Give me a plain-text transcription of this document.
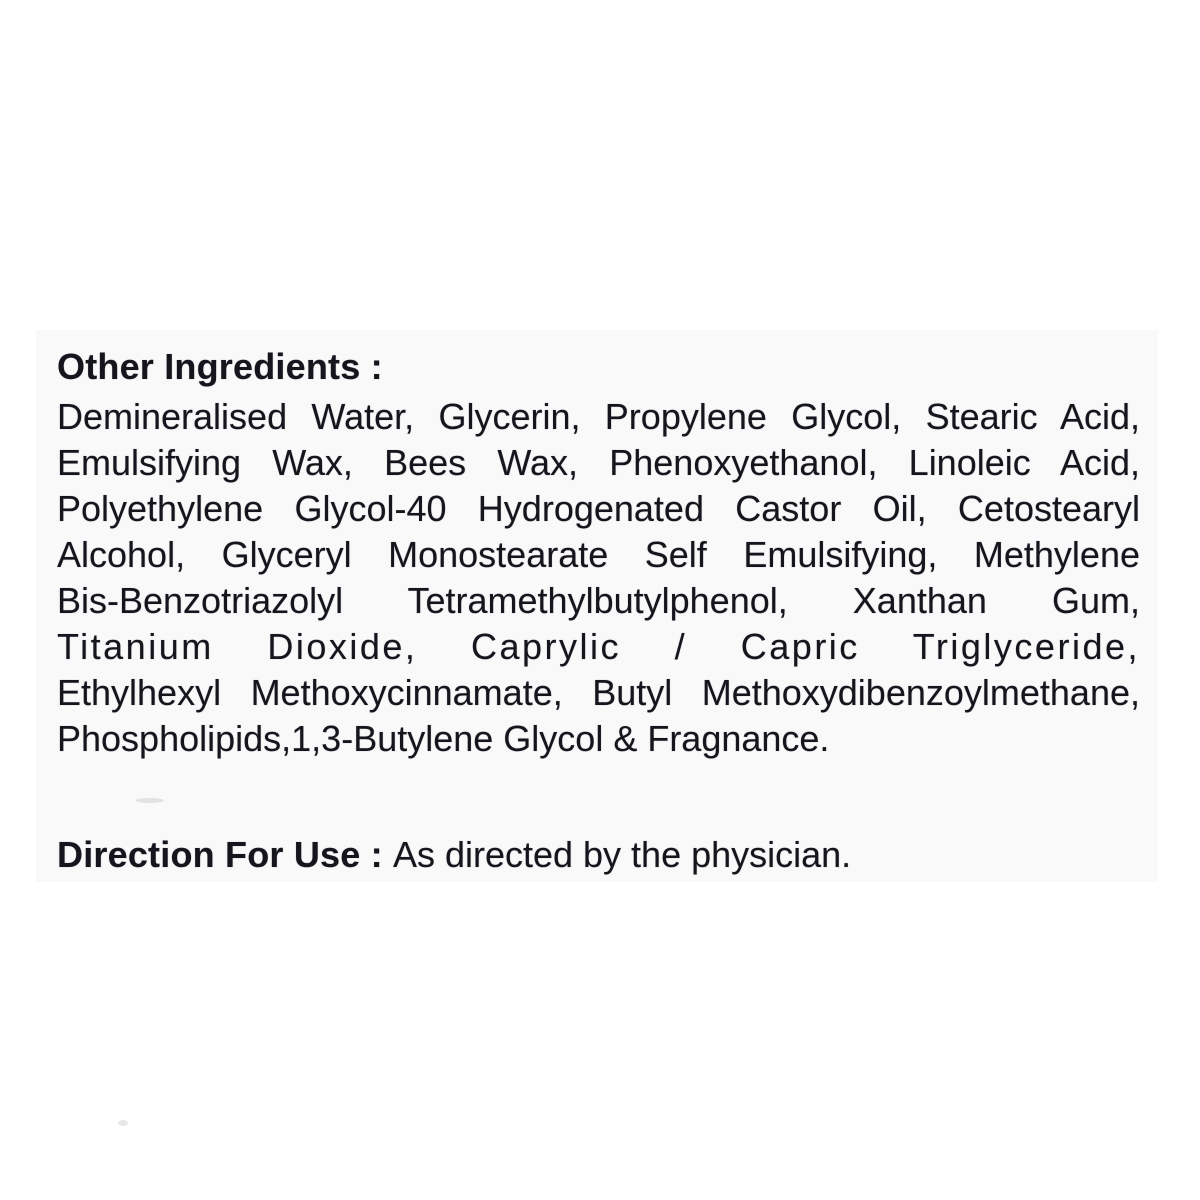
Other Ingredients :
Demineralised Water, Glycerin, Propylene Glycol, Stearic Acid,
Emulsifying Wax, Bees Wax, Phenoxyethanol, Linoleic Acid,
Polyethylene Glycol-40 Hydrogenated Castor Oil, Cetostearyl
Alcohol, Glyceryl Monostearate Self Emulsifying, Methylene
Bis-Benzotriazolyl Tetramethylbutylphenol, Xanthan Gum,
Titanium Dioxide, Caprylic / Capric Triglyceride,
Ethylhexyl Methoxycinnamate, Butyl Methoxydibenzoylmethane,
Phospholipids,1,3-Butylene Glycol & Fragnance.
Direction For Use : As directed by the physician.
